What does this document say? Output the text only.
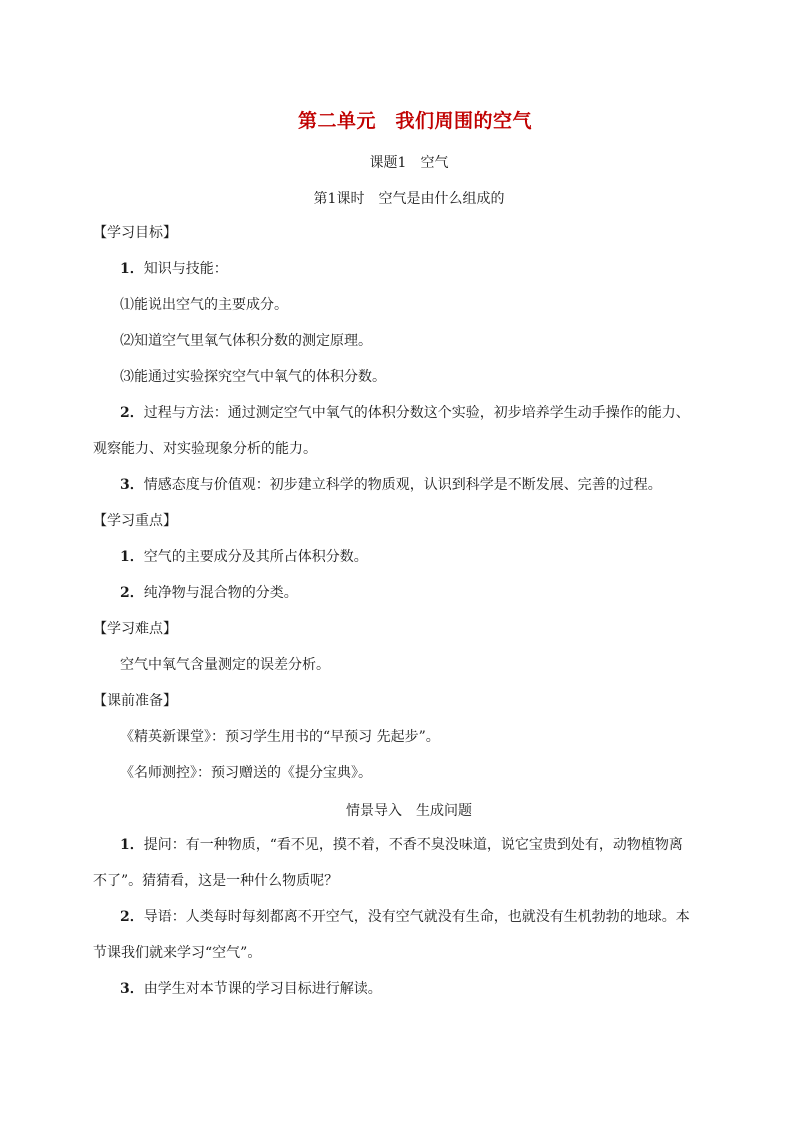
第二单元　我们周围的空气
课题1　空气
第1课时　空气是由什么组成的
【学习目标】
1．知识与技能：
⑴能说出空气的主要成分。
⑵知道空气里氧气体积分数的测定原理。
⑶能通过实验探究空气中氧气的体积分数。
2．过程与方法：通过测定空气中氧气的体积分数这个实验，初步培养学生动手操作的能力、
观察能力、对实验现象分析的能力。
3．情感态度与价值观：初步建立科学的物质观，认识到科学是不断发展、完善的过程。
【学习重点】
1．空气的主要成分及其所占体积分数。
2．纯净物与混合物的分类。
【学习难点】
空气中氧气含量测定的误差分析。
【课前准备】
《精英新课堂》：预习学生用书的“早预习 先起步”。
《名师测控》：预习赠送的《提分宝典》。
情景导入　生成问题
1．提问：有一种物质，“看不见，摸不着，不香不臭没味道，说它宝贵到处有，动物植物离
不了”。猜猜看，这是一种什么物质呢？
2．导语：人类每时每刻都离不开空气，没有空气就没有生命，也就没有生机勃勃的地球。本
节课我们就来学习“空气”。
3．由学生对本节课的学习目标进行解读。
